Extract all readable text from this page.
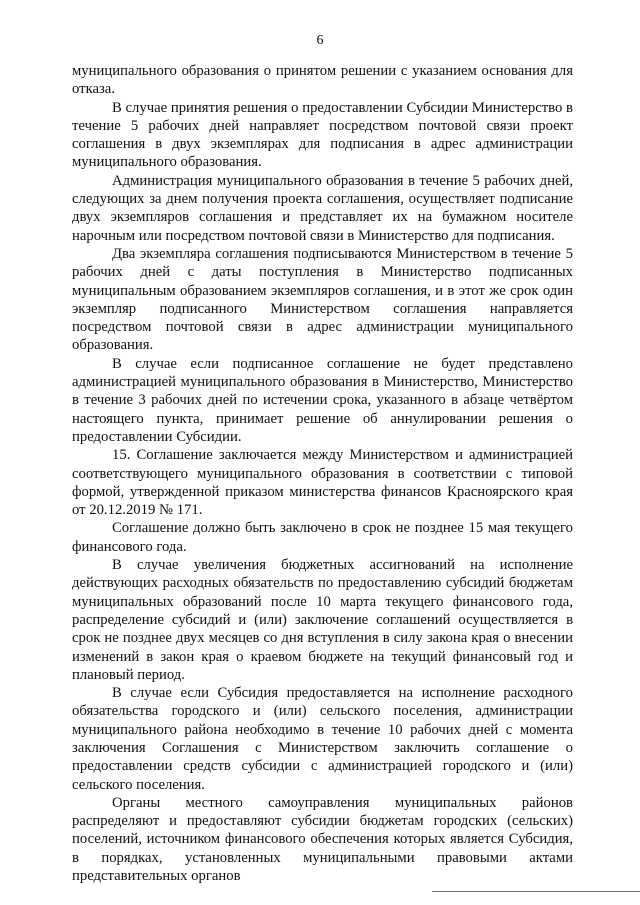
6

муниципального образования о принятом решении с указанием основания для отказа.

В случае принятия решения о предоставлении Субсидии Министерство в течение 5 рабочих дней направляет посредством почтовой связи проект соглашения в двух экземплярах для подписания в адрес администрации муниципального образования.

Администрация муниципального образования в течение 5 рабочих дней, следующих за днем получения проекта соглашения, осуществляет подписание двух экземпляров соглашения и представляет их на бумажном носителе нарочным или посредством почтовой связи в Министерство для подписания.

Два экземпляра соглашения подписываются Министерством в течение 5 рабочих дней с даты поступления в Министерство подписанных муниципальным образованием экземпляров соглашения, и в этот же срок один экземпляр подписанного Министерством соглашения направляется посредством почтовой связи в адрес администрации муниципального образования.

В случае если подписанное соглашение не будет представлено администрацией муниципального образования в Министерство, Министерство в течение 3 рабочих дней по истечении срока, указанного в абзаце четвёртом настоящего пункта, принимает решение об аннулировании решения о предоставлении Субсидии.

15. Соглашение заключается между Министерством и администрацией соответствующего муниципального образования в соответствии с типовой формой, утвержденной приказом министерства финансов Красноярского края от 20.12.2019 № 171.

Соглашение должно быть заключено в срок не позднее 15 мая текущего финансового года.

В случае увеличения бюджетных ассигнований на исполнение действующих расходных обязательств по предоставлению субсидий бюджетам муниципальных образований после 10 марта текущего финансового года, распределение субсидий и (или) заключение соглашений осуществляется в срок не позднее двух месяцев со дня вступления в силу закона края о внесении изменений в закон края о краевом бюджете на текущий финансовый год и плановый период.

В случае если Субсидия предоставляется на исполнение расходного обязательства городского и (или) сельского поселения, администрации муниципального района необходимо в течение 10 рабочих дней с момента заключения Соглашения с Министерством заключить соглашение о предоставлении средств субсидии с администрацией городского и (или) сельского поселения.

Органы местного самоуправления муниципальных районов распределяют и предоставляют субсидии бюджетам городских (сельских) поселений, источником финансового обеспечения которых является Субсидия, в порядках, установленных муниципальными правовыми актами представительных органов
